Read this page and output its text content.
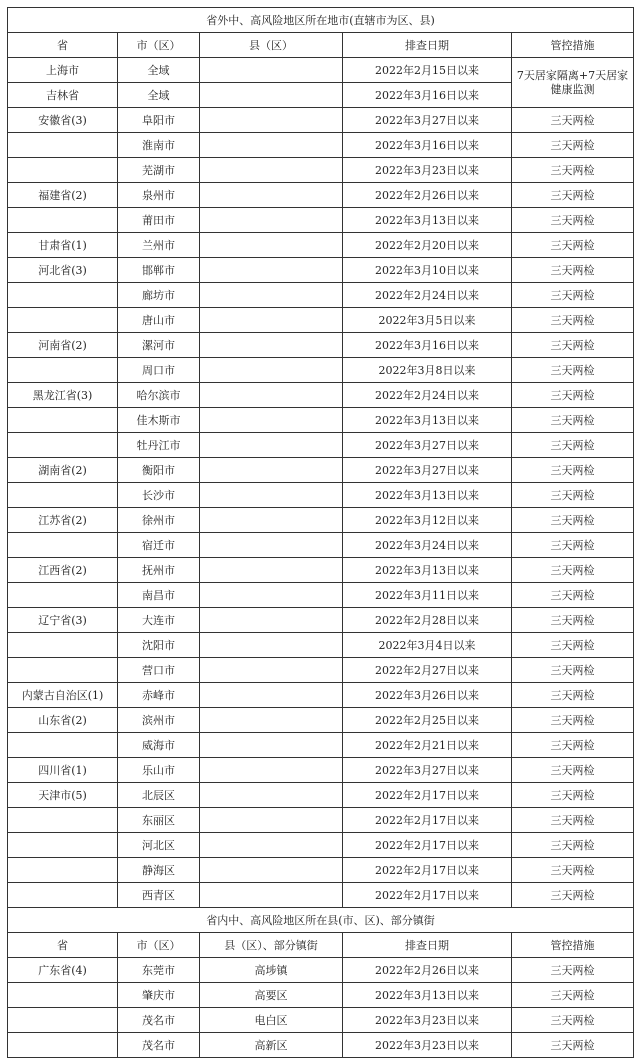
省外中、高风险地区所在地市(直辖市为区、县)				
省	市（区）	县（区）	排查日期	管控措施
上海市	全域		2022年2月15日以来	7天居家隔离+7天居家健康监测
吉林省	全域		2022年3月16日以来	
安徽省(3)	阜阳市		2022年3月27日以来	三天两检
	淮南市		2022年3月16日以来	三天两检
	芜湖市		2022年3月23日以来	三天两检
福建省(2)	泉州市		2022年2月26日以来	三天两检
	莆田市		2022年3月13日以来	三天两检
甘肃省(1)	兰州市		2022年2月20日以来	三天两检
河北省(3)	邯郸市		2022年3月10日以来	三天两检
	廊坊市		2022年2月24日以来	三天两检
	唐山市		2022年3月5日以来	三天两检
河南省(2)	漯河市		2022年3月16日以来	三天两检
	周口市		2022年3月8日以来	三天两检
黑龙江省(3)	哈尔滨市		2022年2月24日以来	三天两检
	佳木斯市		2022年3月13日以来	三天两检
	牡丹江市		2022年3月27日以来	三天两检
湖南省(2)	衡阳市		2022年3月27日以来	三天两检
	长沙市		2022年3月13日以来	三天两检
江苏省(2)	徐州市		2022年3月12日以来	三天两检
	宿迁市		2022年3月24日以来	三天两检
江西省(2)	抚州市		2022年3月13日以来	三天两检
	南昌市		2022年3月11日以来	三天两检
辽宁省(3)	大连市		2022年2月28日以来	三天两检
	沈阳市		2022年3月4日以来	三天两检
	营口市		2022年2月27日以来	三天两检
内蒙古自治区(1)	赤峰市		2022年3月26日以来	三天两检
山东省(2)	滨州市		2022年2月25日以来	三天两检
	威海市		2022年2月21日以来	三天两检
四川省(1)	乐山市		2022年3月27日以来	三天两检
天津市(5)	北辰区		2022年2月17日以来	三天两检
	东丽区		2022年2月17日以来	三天两检
	河北区		2022年2月17日以来	三天两检
	静海区		2022年2月17日以来	三天两检
	西青区		2022年2月17日以来	三天两检
省内中、高风险地区所在县(市、区)、部分镇街				
省	市（区）	县（区）、部分镇街	排查日期	管控措施
广东省(4)	东莞市	高埗镇	2022年2月26日以来	三天两检
	肇庆市	高要区	2022年3月13日以来	三天两检
	茂名市	电白区	2022年3月23日以来	三天两检
	茂名市	高新区	2022年3月23日以来	三天两检
